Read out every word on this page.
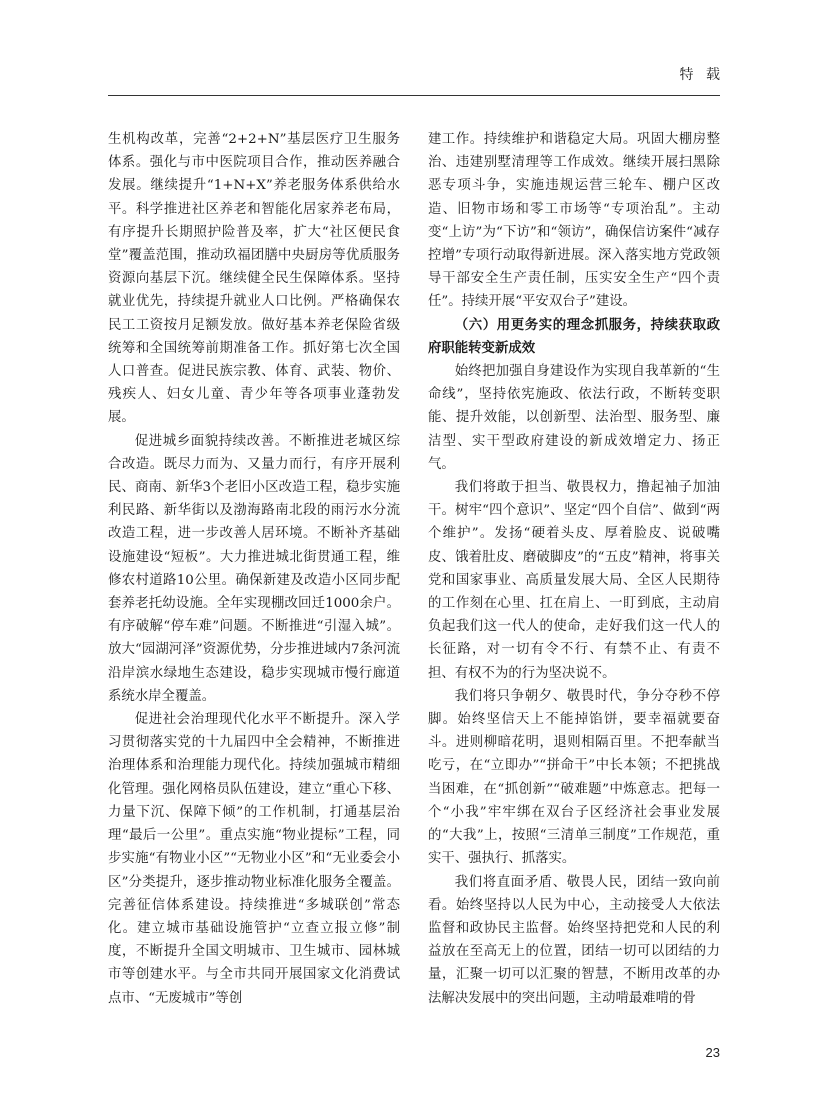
特 载

生机构改革，完善“2+2+N”基层医疗卫生服务体系。强化与市中医院项目合作，推动医养融合发展。继续提升“1+N+X”养老服务体系供给水平。科学推进社区养老和智能化居家养老布局，有序提升长期照护险普及率，扩大“社区便民食堂”覆盖范围，推动玖福团膳中央厨房等优质服务资源向基层下沉。继续健全民生保障体系。坚持就业优先，持续提升就业人口比例。严格确保农民工工资按月足额发放。做好基本养老保险省级统筹和全国统筹前期准备工作。抓好第七次全国人口普查。促进民族宗教、体育、武装、物价、残疾人、妇女儿童、青少年等各项事业蓬勃发展。

促进城乡面貌持续改善。不断推进老城区综合改造。既尽力而为、又量力而行，有序开展利民、商南、新华3个老旧小区改造工程，稳步实施利民路、新华街以及渤海路南北段的雨污水分流改造工程，进一步改善人居环境。不断补齐基础设施建设“短板”。大力推进城北街贯通工程，维修农村道路10公里。确保新建及改造小区同步配套养老托幼设施。全年实现棚改回迁1000余户。有序破解“停车难”问题。不断推进“引湿入城”。放大“园湖河泽”资源优势，分步推进域内7条河流沿岸滨水绿地生态建设，稳步实现城市慢行廊道系统水岸全覆盖。

促进社会治理现代化水平不断提升。深入学习贯彻落实党的十九届四中全会精神，不断推进治理体系和治理能力现代化。持续加强城市精细化管理。强化网格员队伍建设，建立“重心下移、力量下沉、保障下倾”的工作机制，打通基层治理“最后一公里”。重点实施“物业提标”工程，同步实施“有物业小区”“无物业小区”和“无业委会小区”分类提升，逐步推动物业标准化服务全覆盖。完善征信体系建设。持续推进“多城联创”常态化。建立城市基础设施管护“立查立报立修”制度，不断提升全国文明城市、卫生城市、园林城市等创建水平。与全市共同开展国家文化消费试点市、“无废城市”等创

建工作。持续维护和谐稳定大局。巩固大棚房整治、违建别墅清理等工作成效。继续开展扫黑除恶专项斗争，实施违规运营三轮车、棚户区改造、旧物市场和零工市场等“专项治乱”。主动变“上访”为“下访”和“领访”，确保信访案件“减存控增”专项行动取得新进展。深入落实地方党政领导干部安全生产责任制，压实安全生产“四个责任”。持续开展“平安双台子”建设。

（六）用更务实的理念抓服务，持续获取政府职能转变新成效

始终把加强自身建设作为实现自我革新的“生命线”，坚持依宪施政、依法行政，不断转变职能、提升效能，以创新型、法治型、服务型、廉洁型、实干型政府建设的新成效增定力、扬正气。

我们将敢于担当、敬畏权力，撸起袖子加油干。树牢“四个意识”、坚定“四个自信”、做到“两个维护”。发扬“硬着头皮、厚着脸皮、说破嘴皮、饿着肚皮、磨破脚皮”的“五皮”精神，将事关党和国家事业、高质量发展大局、全区人民期待的工作刻在心里、扛在肩上、一盯到底，主动肩负起我们这一代人的使命，走好我们这一代人的长征路，对一切有令不行、有禁不止、有责不担、有权不为的行为坚决说不。

我们将只争朝夕、敬畏时代，争分夺秒不停脚。始终坚信天上不能掉馅饼，要幸福就要奋斗。进则柳暗花明，退则相隔百里。不把奉献当吃亏，在“立即办”“拼命干”中长本领；不把挑战当困难，在“抓创新”“破难题”中炼意志。把每一个“小我”牢牢绑在双台子区经济社会事业发展的“大我”上，按照“三清单三制度”工作规范，重实干、强执行、抓落实。

我们将直面矛盾、敬畏人民，团结一致向前看。始终坚持以人民为中心，主动接受人大依法监督和政协民主监督。始终坚持把党和人民的利益放在至高无上的位置，团结一切可以团结的力量，汇聚一切可以汇聚的智慧，不断用改革的办法解决发展中的突出问题，主动啃最难啃的骨

23
